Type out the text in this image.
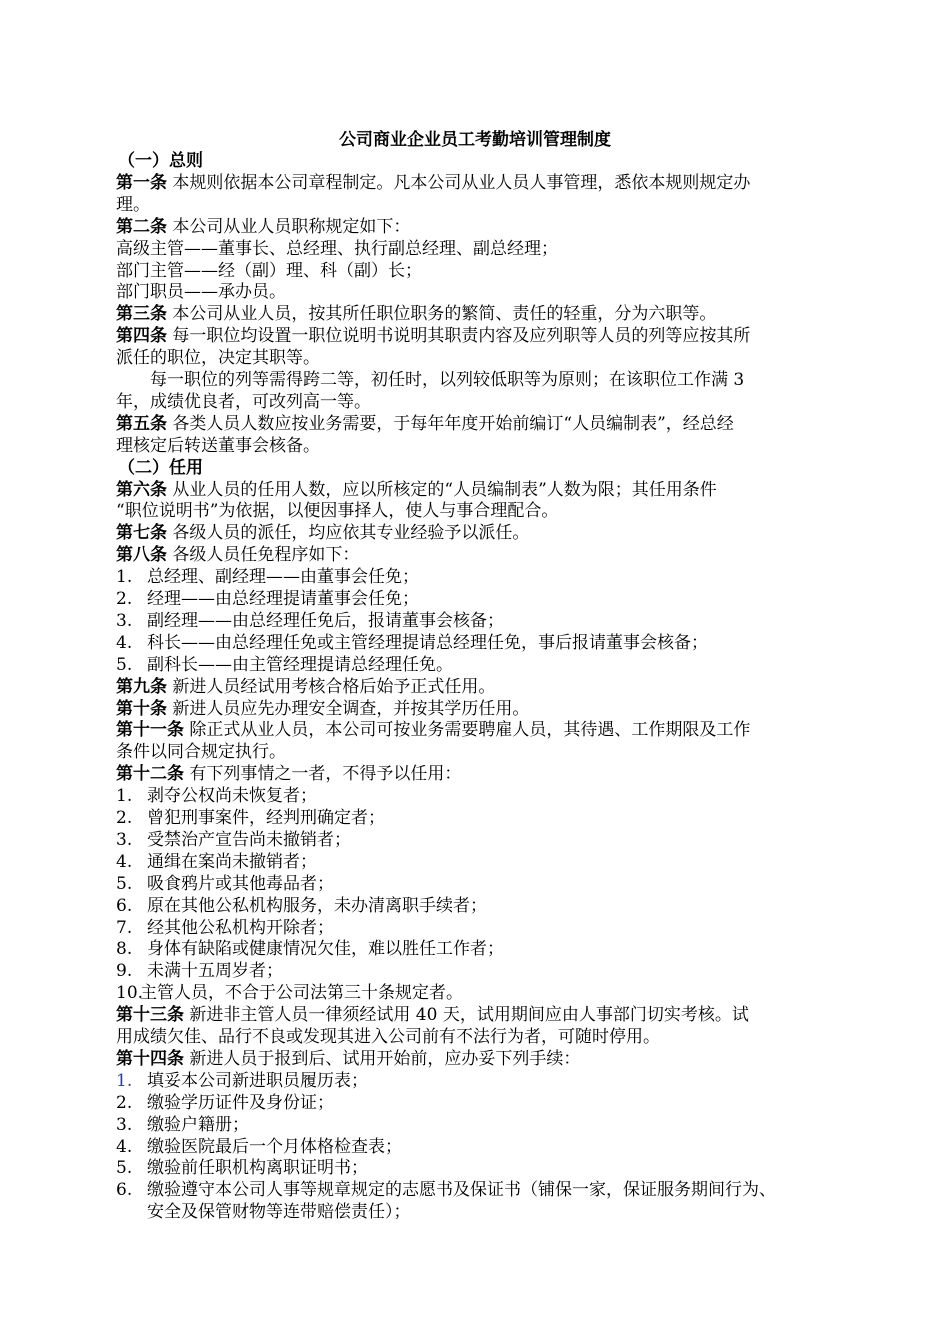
公司商业企业员工考勤培训管理制度
（一）总则
第一条 本规则依据本公司章程制定。凡本公司从业人员人事管理，悉依本规则规定办
理。
第二条 本公司从业人员职称规定如下：
高级主管——董事长、总经理、执行副总经理、副总经理；
部门主管——经（副）理、科（副）长；
部门职员——承办员。
第三条 本公司从业人员，按其所任职位职务的繁简、责任的轻重，分为六职等。
第四条 每一职位均设置一职位说明书说明其职责内容及应列职等人员的列等应按其所
派任的职位，决定其职等。
每一职位的列等需得跨二等，初任时，以列较低职等为原则；在该职位工作满 3
年，成绩优良者，可改列高一等。
第五条 各类人员人数应按业务需要，于每年年度开始前编订“人员编制表”，经总经
理核定后转送董事会核备。
（二）任用
第六条 从业人员的任用人数，应以所核定的“人员编制表”人数为限；其任用条件
“职位说明书”为依据，以便因事择人，使人与事合理配合。
第七条 各级人员的派任，均应依其专业经验予以派任。
第八条 各级人员任免程序如下：
1. 总经理、副经理——由董事会任免；
2. 经理——由总经理提请董事会任免；
3. 副经理——由总经理任免后，报请董事会核备；
4. 科长——由总经理任免或主管经理提请总经理任免，事后报请董事会核备；
5. 副科长——由主管经理提请总经理任免。
第九条 新进人员经试用考核合格后始予正式任用。
第十条 新进人员应先办理安全调查，并按其学历任用。
第十一条 除正式从业人员，本公司可按业务需要聘雇人员，其待遇、工作期限及工作
条件以同合规定执行。
第十二条 有下列事情之一者，不得予以任用：
1. 剥夺公权尚未恢复者；
2. 曾犯刑事案件，经判刑确定者；
3. 受禁治产宣告尚未撤销者；
4. 通缉在案尚未撤销者；
5. 吸食鸦片或其他毒品者；
6. 原在其他公私机构服务，未办清离职手续者；
7. 经其他公私机构开除者；
8. 身体有缺陷或健康情况欠佳，难以胜任工作者；
9. 未满十五周岁者；
10.
主管人员，不合于公司法第三十条规定者。
第十三条 新进非主管人员一律须经试用 40 天，试用期间应由人事部门切实考核。试
用成绩欠佳、品行不良或发现其进入公司前有不法行为者，可随时停用。
第十四条 新进人员于报到后、试用开始前，应办妥下列手续：
1. 填妥本公司新进职员履历表；
2. 缴验学历证件及身份证；
3. 缴验户籍册；
4. 缴验医院最后一个月体格检查表；
5. 缴验前任职机构离职证明书；
6. 缴验遵守本公司人事等规章规定的志愿书及保证书（铺保一家，保证服务期间行为、
安全及保管财物等连带赔偿责任）；
